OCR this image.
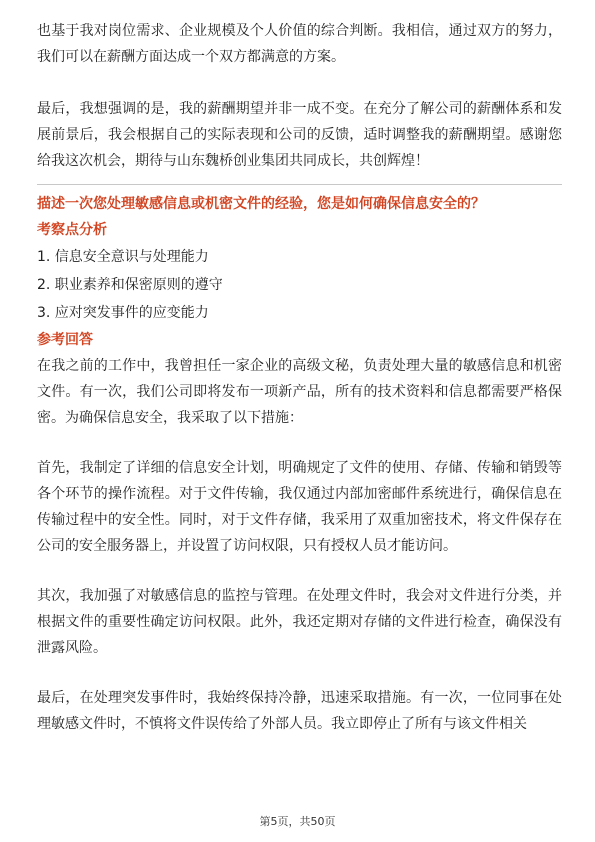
也基于我对岗位需求、企业规模及个人价值的综合判断。我相信，通过双方的努力，我们可以在薪酬方面达成一个双方都满意的方案。

最后，我想强调的是，我的薪酬期望并非一成不变。在充分了解公司的薪酬体系和发展前景后，我会根据自己的实际表现和公司的反馈，适时调整我的薪酬期望。感谢您给我这次机会，期待与山东魏桥创业集团共同成长，共创辉煌！

描述一次您处理敏感信息或机密文件的经验，您是如何确保信息安全的？

考察点分析

1. 信息安全意识与处理能力
2. 职业素养和保密原则的遵守
3. 应对突发事件的应变能力

参考回答

在我之前的工作中，我曾担任一家企业的高级文秘，负责处理大量的敏感信息和机密文件。有一次，我们公司即将发布一项新产品，所有的技术资料和信息都需要严格保密。为确保信息安全，我采取了以下措施：

首先，我制定了详细的信息安全计划，明确规定了文件的使用、存储、传输和销毁等各个环节的操作流程。对于文件传输，我仅通过内部加密邮件系统进行，确保信息在传输过程中的安全性。同时，对于文件存储，我采用了双重加密技术，将文件保存在公司的安全服务器上，并设置了访问权限，只有授权人员才能访问。

其次，我加强了对敏感信息的监控与管理。在处理文件时，我会对文件进行分类，并根据文件的重要性确定访问权限。此外，我还定期对存储的文件进行检查，确保没有泄露风险。

最后，在处理突发事件时，我始终保持冷静，迅速采取措施。有一次，一位同事在处理敏感文件时，不慎将文件误传给了外部人员。我立即停止了所有与该文件相关

第5页，共50页
